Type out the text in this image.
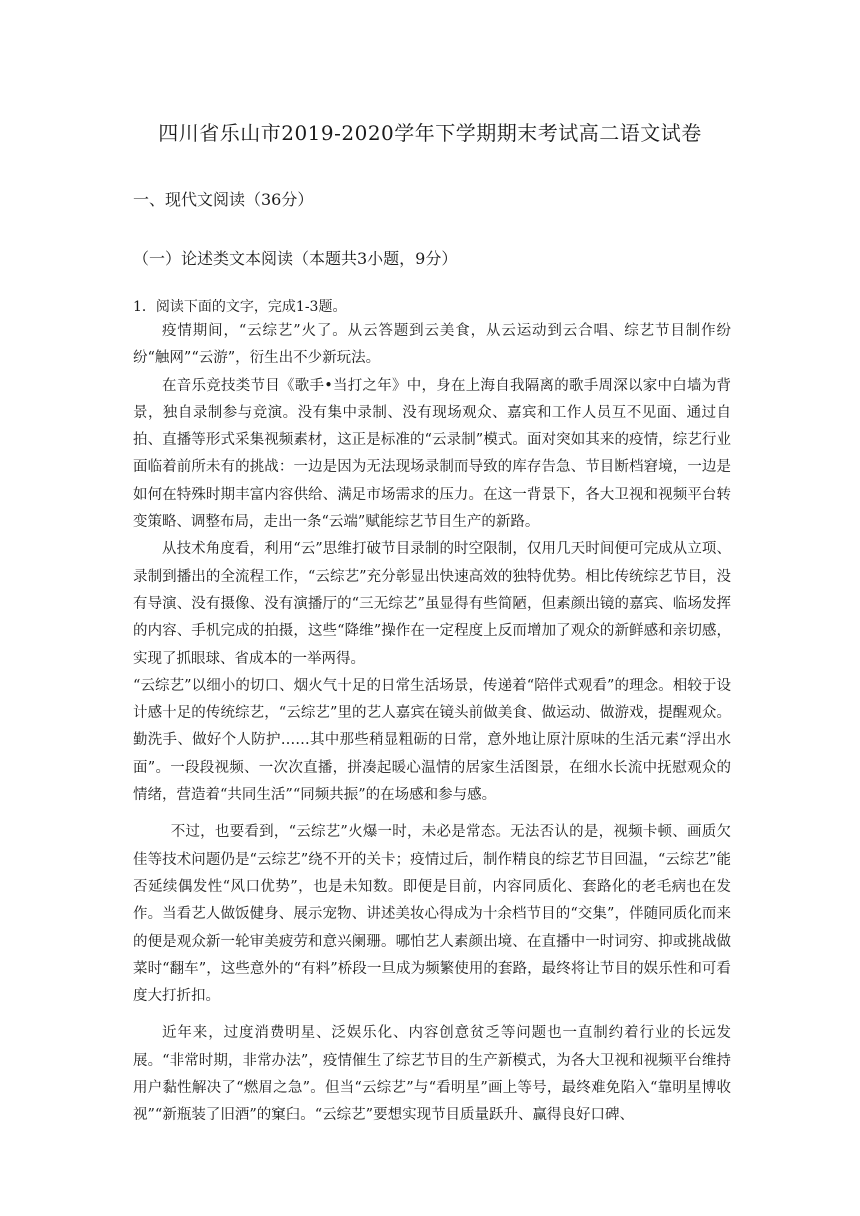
四川省乐山市2019-2020学年下学期期末考试高二语文试卷
一、现代文阅读（36分）
（一）论述类文本阅读（本题共3小题，9分）
1．阅读下面的文字，完成1-3题。

疫情期间，“云综艺”火了。从云答题到云美食，从云运动到云合唱、综艺节目制作纷纷“触网”“云游”，衍生出不少新玩法。

在音乐竞技类节目《歌手•当打之年》中，身在上海自我隔离的歌手周深以家中白墙为背景，独自录制参与竞演。没有集中录制、没有现场观众、嘉宾和工作人员互不见面、通过自拍、直播等形式采集视频素材，这正是标准的“云录制”模式。面对突如其来的疫情，综艺行业面临着前所未有的挑战：一边是因为无法现场录制而导致的库存告急、节目断档窘境，一边是如何在特殊时期丰富内容供给、满足市场需求的压力。在这一背景下，各大卫视和视频平台转变策略、调整布局，走出一条“云端”赋能综艺节目生产的新路。

从技术角度看，利用“云”思维打破节目录制的时空限制，仅用几天时间便可完成从立项、录制到播出的全流程工作，“云综艺”充分彰显出快速高效的独特优势。相比传统综艺节目，没有导演、没有摄像、没有演播厅的“三无综艺”虽显得有些简陋，但素颜出镜的嘉宾、临场发挥的内容、手机完成的拍摄，这些“降维”操作在一定程度上反而增加了观众的新鲜感和亲切感，实现了抓眼球、省成本的一举两得。

“云综艺”以细小的切口、烟火气十足的日常生活场景，传递着“陪伴式观看”的理念。相较于设计感十足的传统综艺，“云综艺”里的艺人嘉宾在镜头前做美食、做运动、做游戏，提醒观众。勤洗手、做好个人防护……其中那些稍显粗砺的日常，意外地让原汁原味的生活元素“浮出水面”。一段段视频、一次次直播，拼凑起暖心温情的居家生活图景，在细水长流中抚慰观众的情绪，营造着“共同生活”“同频共振”的在场感和参与感。

不过，也要看到，“云综艺”火爆一时，未必是常态。无法否认的是，视频卡顿、画质欠佳等技术问题仍是“云综艺”绕不开的关卡；疫情过后，制作精良的综艺节目回温，“云综艺”能否延续偶发性“风口优势”，也是未知数。即便是目前，内容同质化、套路化的老毛病也在发作。当看艺人做饭健身、展示宠物、讲述美妆心得成为十余档节目的“交集”，伴随同质化而来的便是观众新一轮审美疲劳和意兴阑珊。哪怕艺人素颜出境、在直播中一时词穷、抑或挑战做菜时“翻车”，这些意外的“有料”桥段一旦成为频繁使用的套路，最终将让节目的娱乐性和可看度大打折扣。

近年来，过度消费明星、泛娱乐化、内容创意贫乏等问题也一直制约着行业的长远发展。“非常时期，非常办法”，疫情催生了综艺节目的生产新模式，为各大卫视和视频平台维持用户黏性解决了“燃眉之急”。但当“云综艺”与“看明星”画上等号，最终难免陷入“靠明星博收视”“新瓶装了旧酒”的窠臼。“云综艺”要想实现节目质量跃升、赢得良好口碑、
